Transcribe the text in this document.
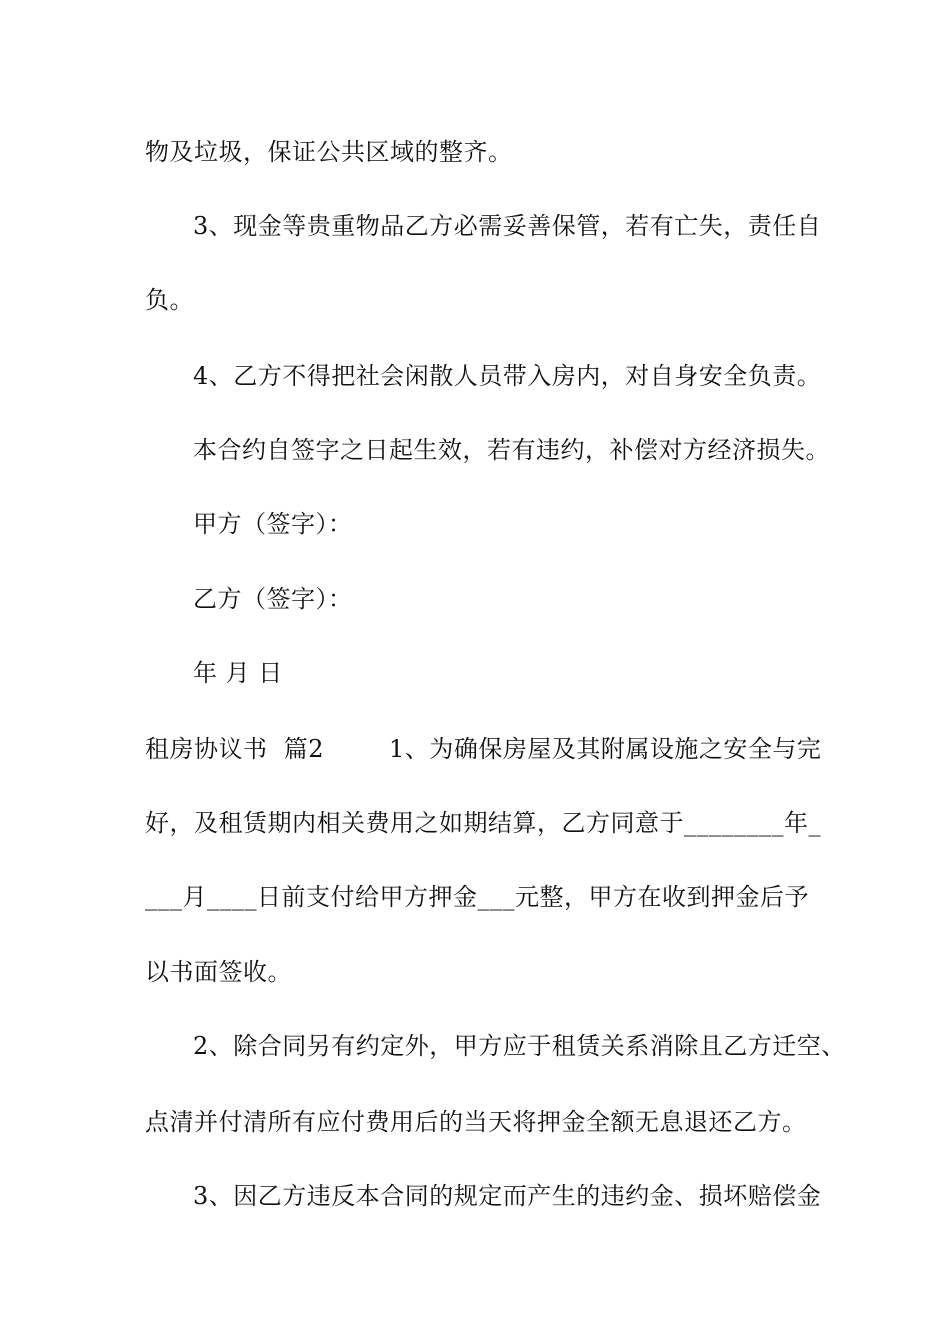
物及垃圾，保证公共区域的整齐。
3、现金等贵重物品乙方必需妥善保管，若有亡失，责任自
负。
4、乙方不得把社会闲散人员带入房内，对自身安全负责。
本合约自签字之日起生效，若有违约，补偿对方经济损失。
甲方（签字）：
乙方（签字）：
年 月 日
租房协议书  篇2        1、为确保房屋及其附属设施之安全与完
好，及租赁期内相关费用之如期结算，乙方同意于________年_
___月____日前支付给甲方押金___元整，甲方在收到押金后予
以书面签收。
2、除合同另有约定外，甲方应于租赁关系消除且乙方迁空、
点清并付清所有应付费用后的当天将押金全额无息退还乙方。
3、因乙方违反本合同的规定而产生的违约金、损坏赔偿金
